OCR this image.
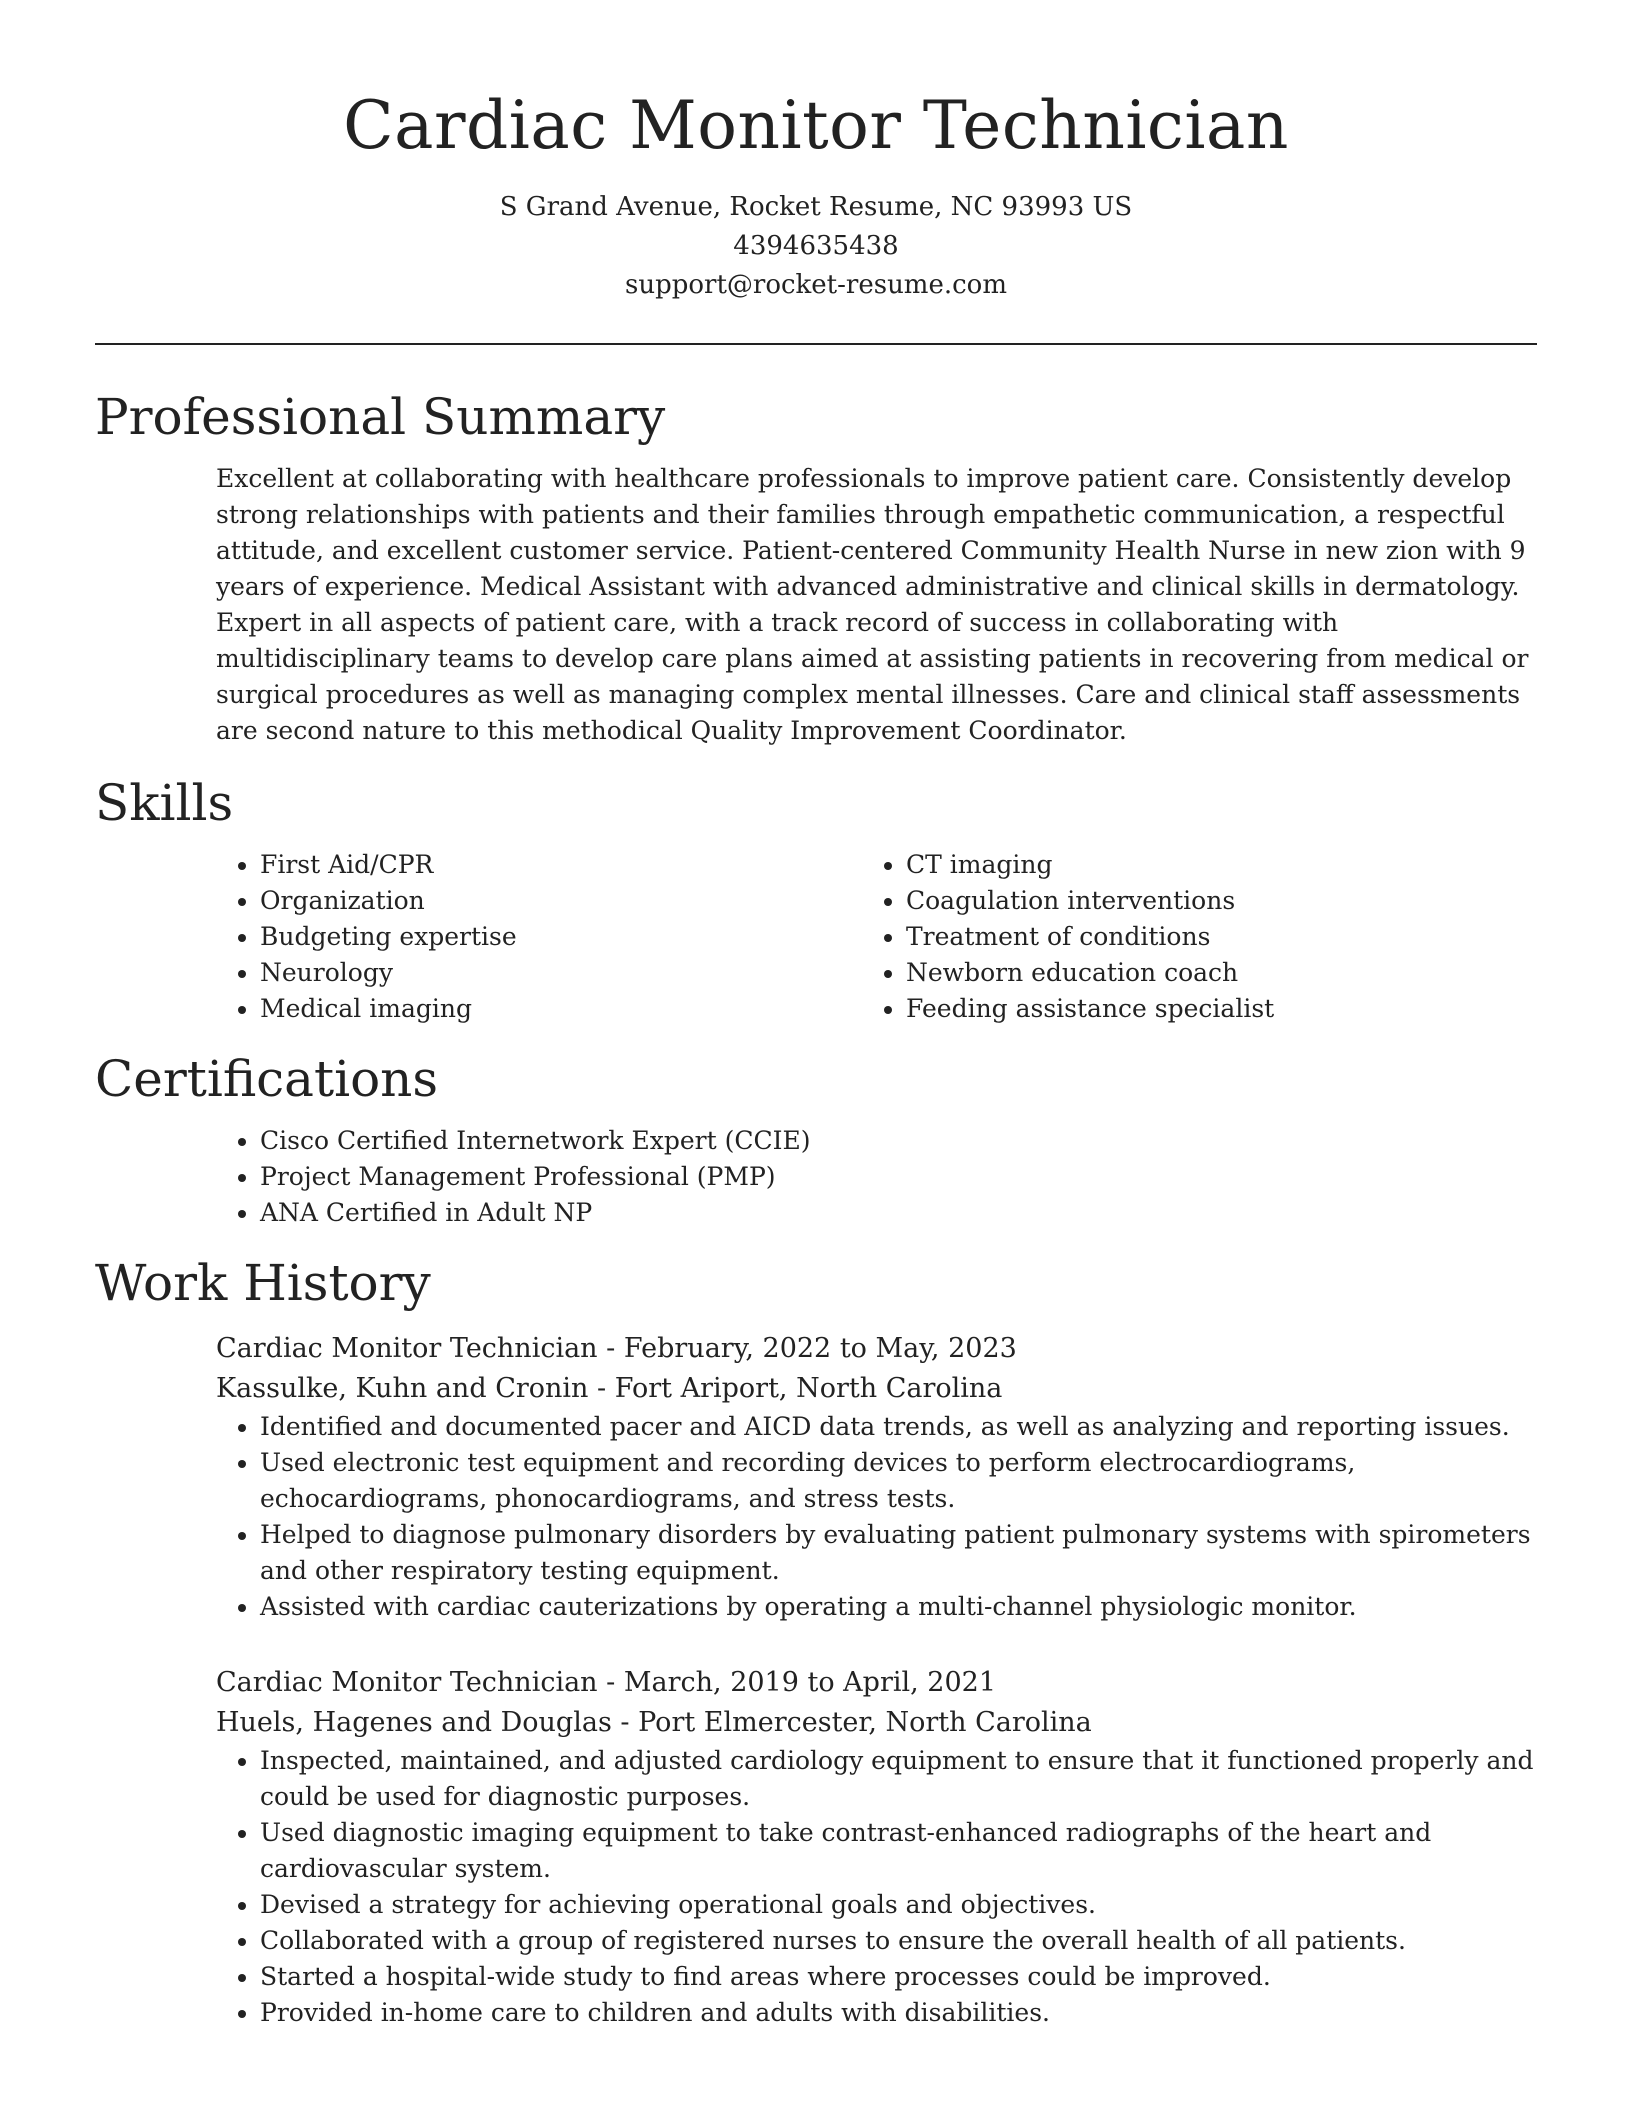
Cardiac Monitor Technician

S Grand Avenue, Rocket Resume, NC 93993 US

4394635438

support@rocket-resume.com

Professional Summary

Excellent at collaborating with healthcare professionals to improve patient care. Consistently develop strong relationships with patients and their families through empathetic communication, a respectful attitude, and excellent customer service. Patient-centered Community Health Nurse in new zion with 9 years of experience. Medical Assistant with advanced administrative and clinical skills in dermatology. Expert in all aspects of patient care, with a track record of success in collaborating with multidisciplinary teams to develop care plans aimed at assisting patients in recovering from medical or surgical procedures as well as managing complex mental illnesses. Care and clinical staff assessments are second nature to this methodical Quality Improvement Coordinator.

Skills
• First Aid/CPR
• Organization
• Budgeting expertise
• Neurology
• Medical imaging
• CT imaging
• Coagulation interventions
• Treatment of conditions
• Newborn education coach
• Feeding assistance specialist
Certifications
• Cisco Certified Internetwork Expert (CCIE)
• Project Management Professional (PMP)
• ANA Certified in Adult NP
Work History

Cardiac Monitor Technician - February, 2022 to May, 2023

Kassulke, Kuhn and Cronin - Fort Ariport, North Carolina

• Identified and documented pacer and AICD data trends, as well as analyzing and reporting issues.
• Used electronic test equipment and recording devices to perform electrocardiograms, echocardiograms, phonocardiograms, and stress tests.
• Helped to diagnose pulmonary disorders by evaluating patient pulmonary systems with spirometers and other respiratory testing equipment.
• Assisted with cardiac cauterizations by operating a multi-channel physiologic monitor.

Cardiac Monitor Technician - March, 2019 to April, 2021

Huels, Hagenes and Douglas - Port Elmercester, North Carolina

• Inspected, maintained, and adjusted cardiology equipment to ensure that it functioned properly and could be used for diagnostic purposes.
• Used diagnostic imaging equipment to take contrast-enhanced radiographs of the heart and cardiovascular system.
• Devised a strategy for achieving operational goals and objectives.
• Collaborated with a group of registered nurses to ensure the overall health of all patients.
• Started a hospital-wide study to find areas where processes could be improved.
• Provided in-home care to children and adults with disabilities.
